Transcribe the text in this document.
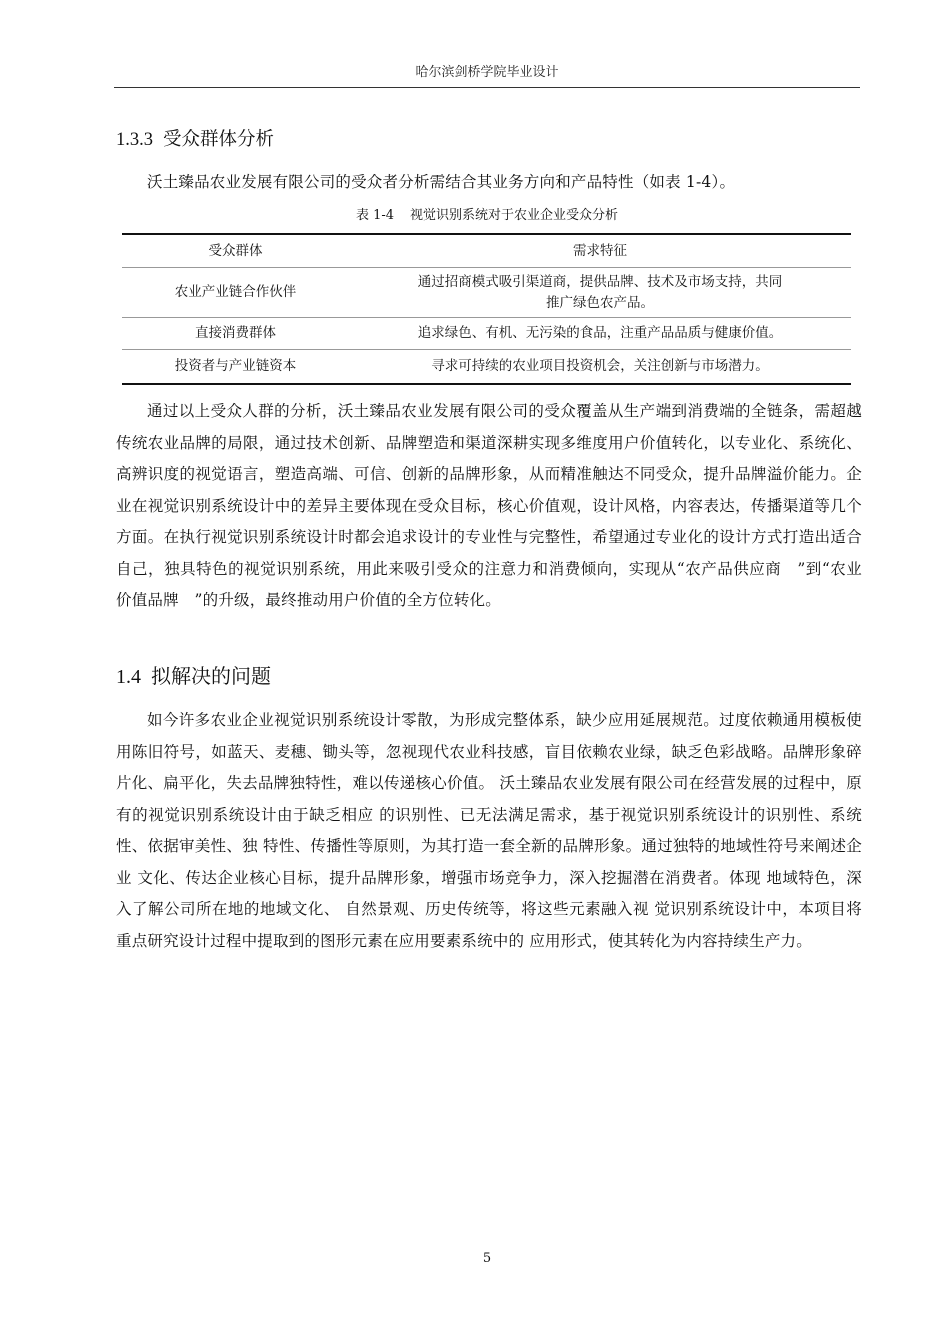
哈尔滨剑桥学院毕业设计
1.3.3 受众群体分析

沃土臻品农业发展有限公司的受众者分析需结合其业务方向和产品特性（如表 1-4）。

表 1-4 视觉识别系统对于农业企业受众分析
受众群体	需求特征
农业产业链合作伙伴	通过招商模式吸引渠道商，提供品牌、技术及市场支持，共同
推广绿色农产品。

直接消费群体	追求绿色、有机、无污染的食品，注重产品品质与健康价值。
投资者与产业链资本	寻求可持续的农业项目投资机会，关注创新与市场潜力。

通过以上受众人群的分析，沃土臻品农业发展有限公司的受众覆盖从生产端到消费端的全链条，需超越传统农业品牌的局限，通过技术创新、品牌塑造和渠道深耕实现多维度用户价值转化，以专业化、系统化、高辨识度的视觉语言，塑造高端、可信、创新的品牌形象，从而精准触达不同受众，提升品牌溢价能力。企业在视觉识别系统设计中的差异主要体现在受众目标，核心价值观，设计风格，内容表达，传播渠道等几个方面。在执行视觉识别系统设计时都会追求设计的专业性与完整性，希望通过专业化的设计方式打造出适合自己，独具特色的视觉识别系统，用此来吸引受众的注意力和消费倾向，实现从“农产品供应商　”到“农业价值品牌　”的升级，最终推动用户价值的全方位转化。

1.4 拟解决的问题

如今许多农业企业视觉识别系统设计零散，为形成完整体系，缺少应用延展规范。过度依赖通用模板使用陈旧符号，如蓝天、麦穗、锄头等，忽视现代农业科技感，盲目依赖农业绿，缺乏色彩战略。品牌形象碎片化、扁平化，失去品牌独特性，难以传递核心价值。 沃土臻品农业发展有限公司在经营发展的过程中，原有的视觉识别系统设计由于缺乏相应 的识别性、已无法满足需求，基于视觉识别系统设计的识别性、系统性、依据审美性、独 特性、传播性等原则，为其打造一套全新的品牌形象。通过独特的地域性符号来阐述企业 文化、传达企业核心目标，提升品牌形象，增强市场竞争力，深入挖掘潜在消费者。体现 地域特色，深入了解公司所在地的地域文化、 自然景观、历史传统等，将这些元素融入视 觉识别系统设计中，本项目将重点研究设计过程中提取到的图形元素在应用要素系统中的 应用形式，使其转化为内容持续生产力。

5
